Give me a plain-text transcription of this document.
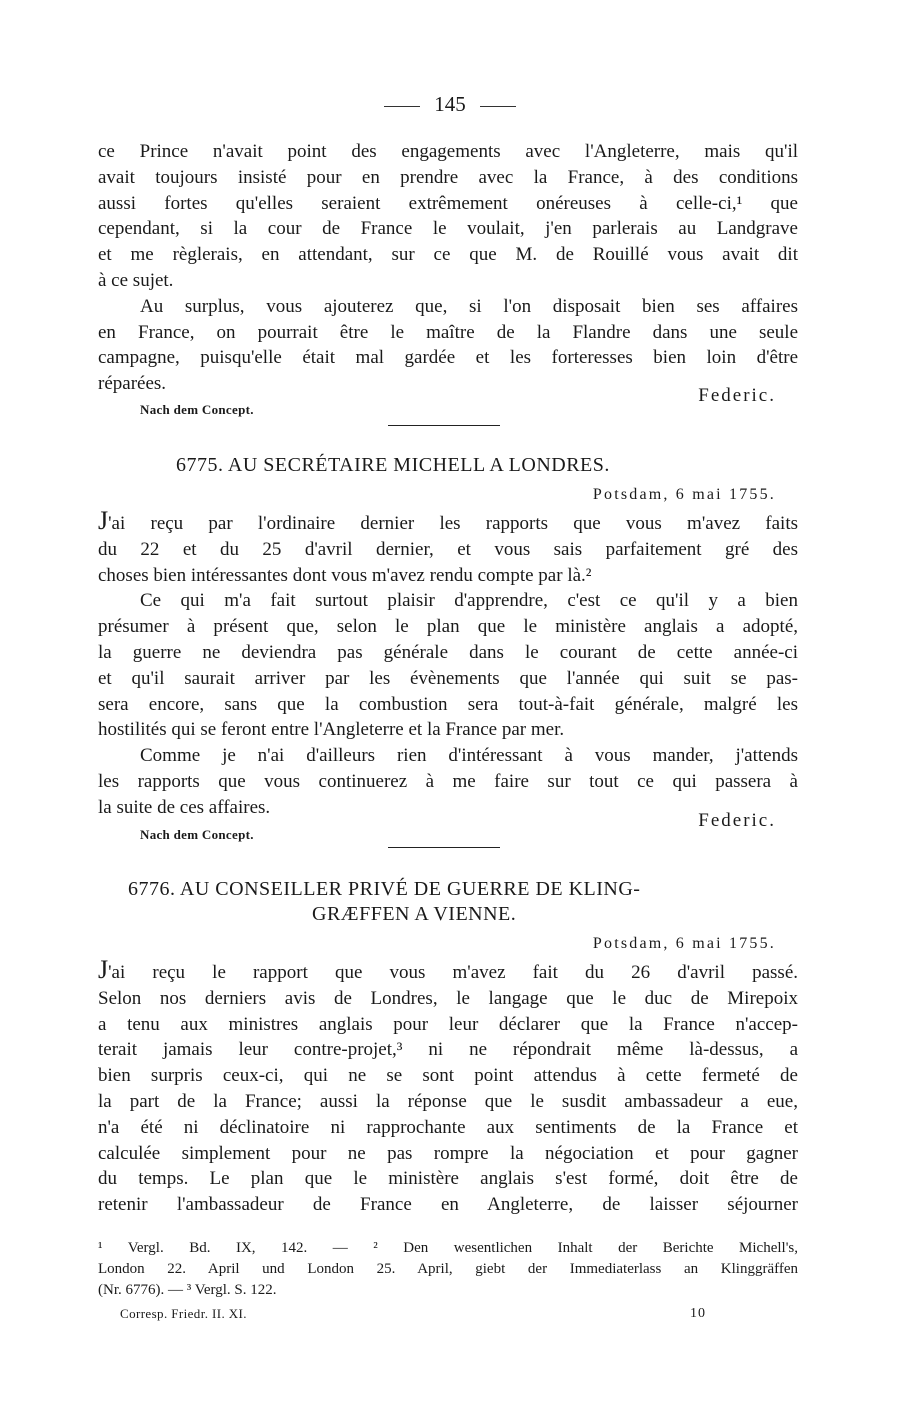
145
ce Prince n'avait point des engagements avec l'Angleterre, mais qu'il
avait toujours insisté pour en prendre avec la France, à des conditions
aussi fortes qu'elles seraient extrêmement onéreuses à celle-ci,¹ que
cependant, si la cour de France le voulait, j'en parlerais au Landgrave
et me règlerais, en attendant, sur ce que M. de Rouillé vous avait dit
à ce sujet.
Au surplus, vous ajouterez que, si l'on disposait bien ses affaires
en France, on pourrait être le maître de la Flandre dans une seule
campagne, puisqu'elle était mal gardée et les forteresses bien loin d'être
réparées.
Federic.
Nach dem Concept.
6775. AU SECRÉTAIRE MICHELL A LONDRES.
Potsdam, 6 mai 1755.
J'ai reçu par l'ordinaire dernier les rapports que vous m'avez faits
du 22 et du 25 d'avril dernier, et vous sais parfaitement gré des
choses bien intéressantes dont vous m'avez rendu compte par là.²
Ce qui m'a fait surtout plaisir d'apprendre, c'est ce qu'il y a bien
présumer à présent que, selon le plan que le ministère anglais a adopté,
la guerre ne deviendra pas générale dans le courant de cette année-ci
et qu'il saurait arriver par les évènements que l'année qui suit se pas-
sera encore, sans que la combustion sera tout-à-fait générale, malgré les
hostilités qui se feront entre l'Angleterre et la France par mer.
Comme je n'ai d'ailleurs rien d'intéressant à vous mander, j'attends
les rapports que vous continuerez à me faire sur tout ce qui passera à
la suite de ces affaires.
Federic.
Nach dem Concept.
6776. AU CONSEILLER PRIVÉ DE GUERRE DE KLING-
GRÆFFEN A VIENNE.
Potsdam, 6 mai 1755.
J'ai reçu le rapport que vous m'avez fait du 26 d'avril passé.
Selon nos derniers avis de Londres, le langage que le duc de Mirepoix
a tenu aux ministres anglais pour leur déclarer que la France n'accep-
terait jamais leur contre-projet,³ ni ne répondrait même là-dessus, a
bien surpris ceux-ci, qui ne se sont point attendus à cette fermeté de
la part de la France; aussi la réponse que le susdit ambassadeur a eue,
n'a été ni déclinatoire ni rapprochante aux sentiments de la France et
calculée simplement pour ne pas rompre la négociation et pour gagner
du temps. Le plan que le ministère anglais s'est formé, doit être de
retenir l'ambassadeur de France en Angleterre, de laisser séjourner
¹ Vergl. Bd. IX, 142. — ² Den wesentlichen Inhalt der Berichte Michell's,
London 22. April und London 25. April, giebt der Immediaterlass an Klinggräffen
(Nr. 6776). — ³ Vergl. S. 122.
Corresp. Friedr. II. XI.	10
